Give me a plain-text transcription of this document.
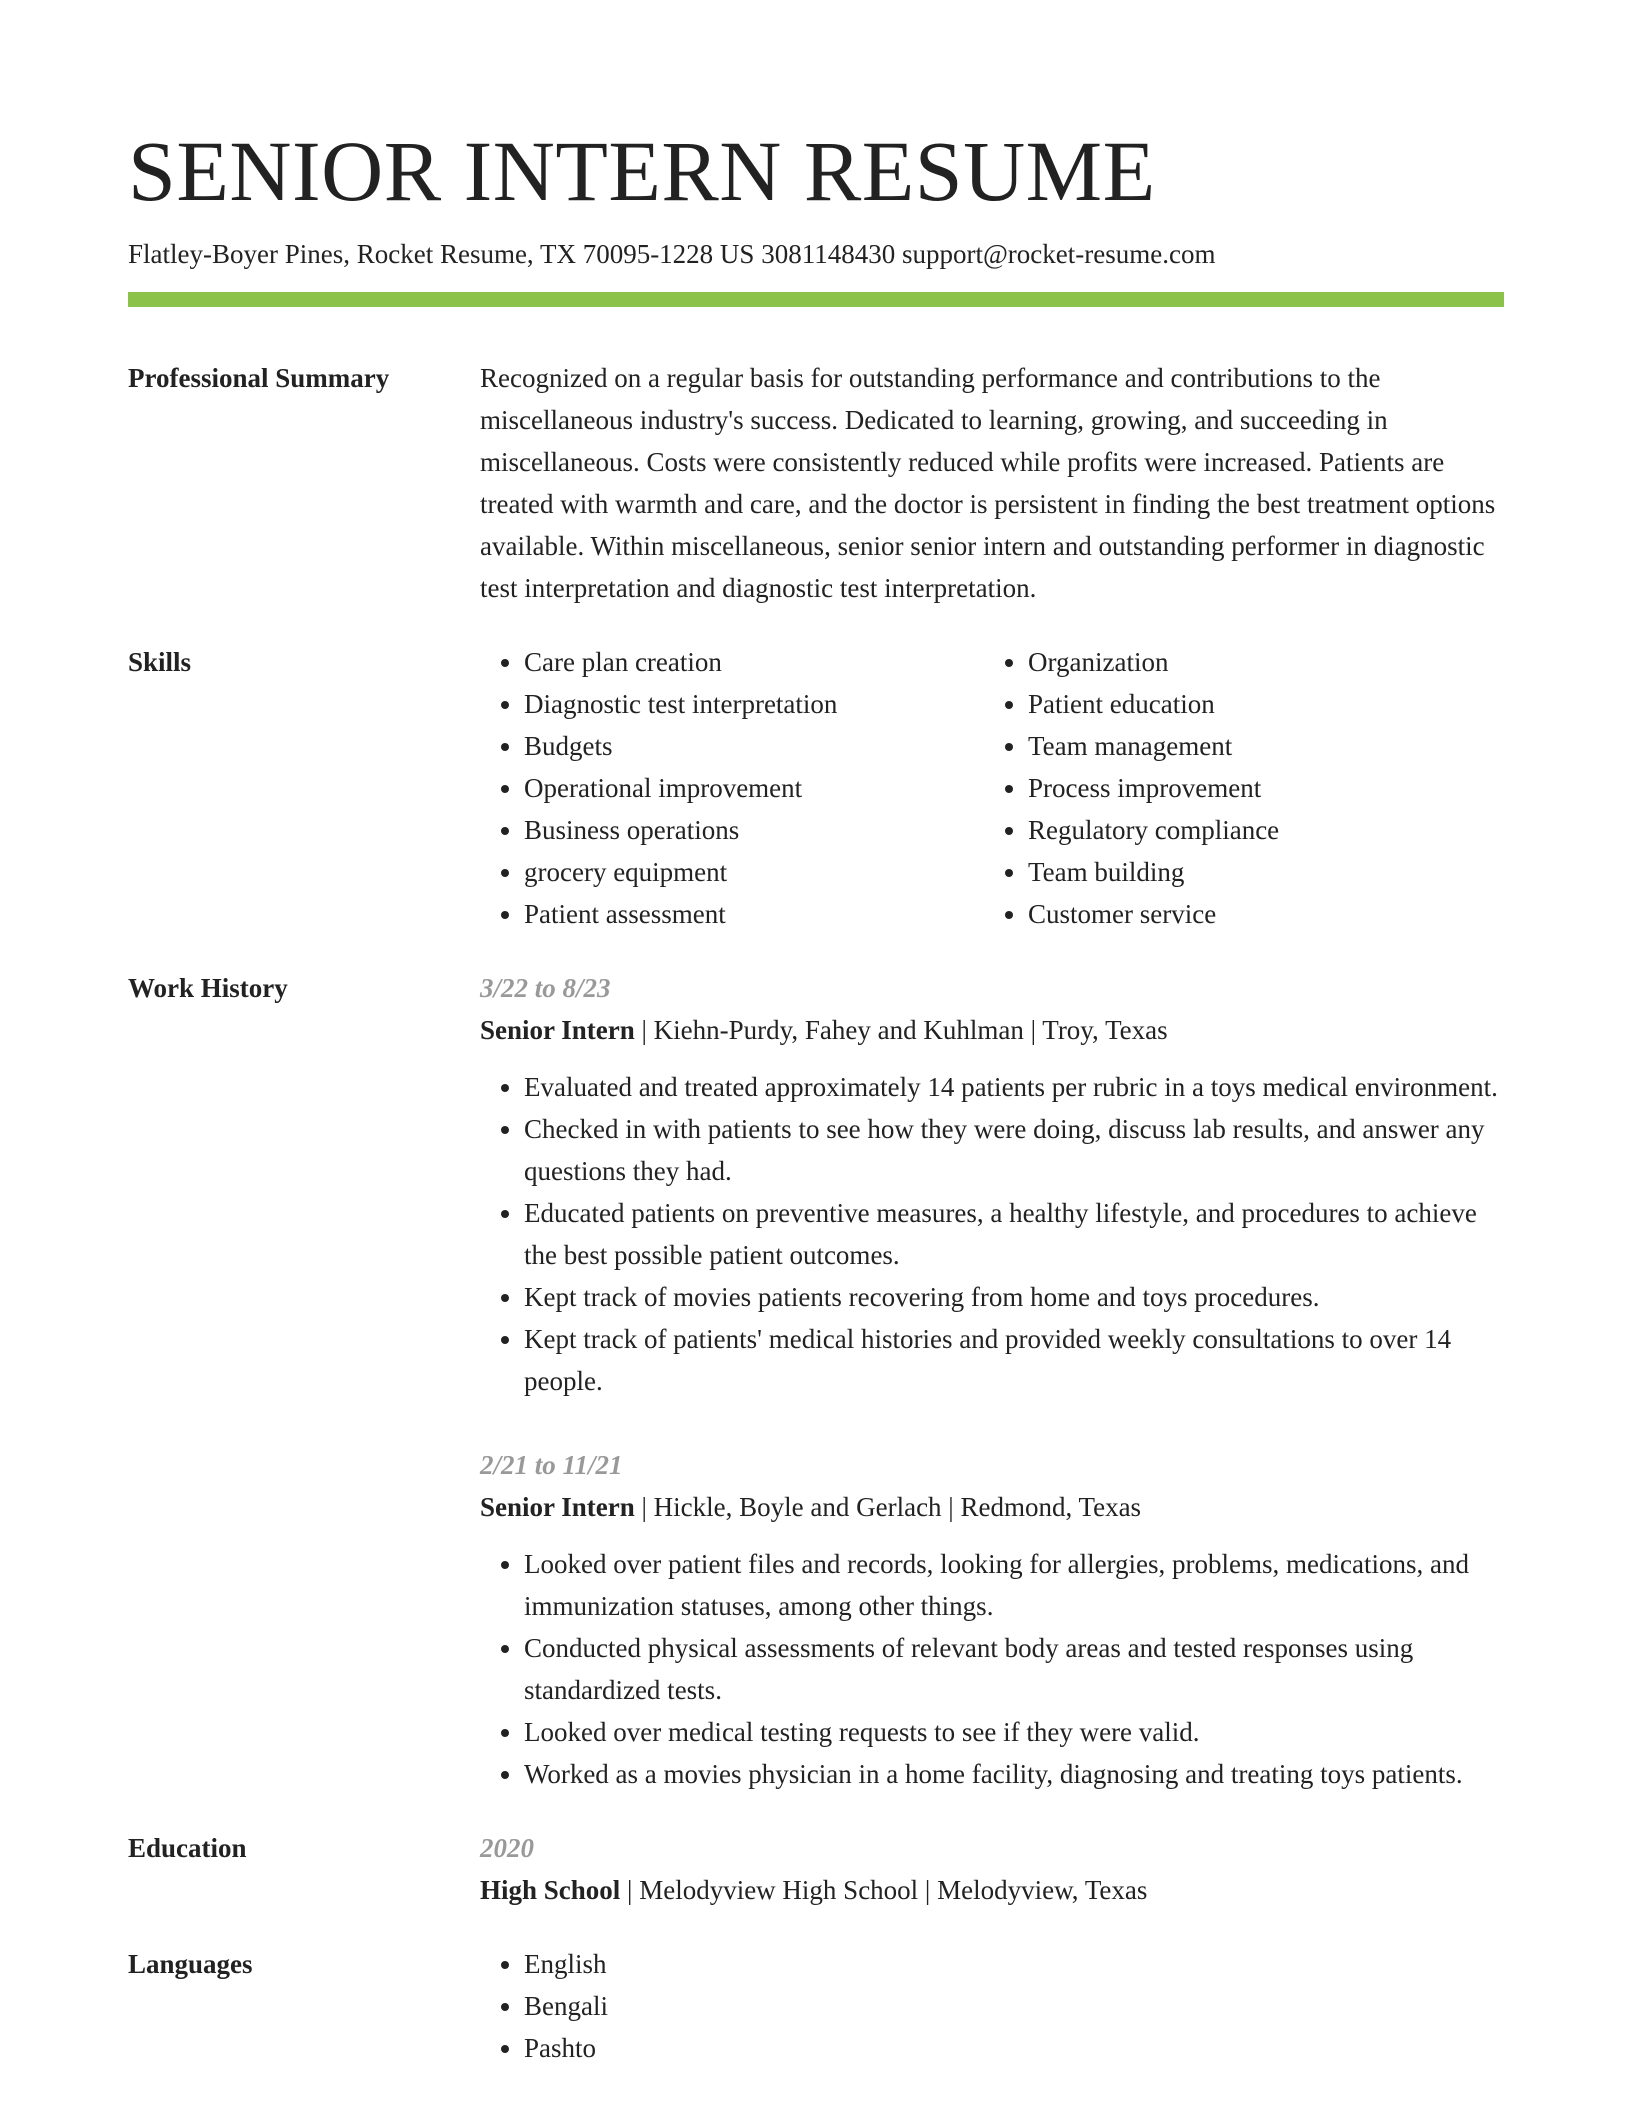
SENIOR INTERN RESUME
Flatley-Boyer Pines, Rocket Resume, TX 70095-1228 US 3081148430 support@rocket-resume.com
Professional Summary	Recognized on a regular basis for outstanding performance and contributions to the miscellaneous industry's success. Dedicated to learning, growing, and succeeding in miscellaneous. Costs were consistently reduced while profits were increased. Patients are treated with warmth and care, and the doctor is persistent in finding the best treatment options available. Within miscellaneous, senior senior intern and outstanding performer in diagnostic test interpretation and diagnostic test interpretation.
Skills	• Care plan creation
• Diagnostic test interpretation
• Budgets
• Operational improvement
• Business operations
• grocery equipment
• Patient assessment
• Organization
• Patient education
• Team management
• Process improvement
• Regulatory compliance
• Team building
• Customer service
Work History	3/22 to 8/23
Senior Intern | Kiehn-Purdy, Fahey and Kuhlman | Troy, Texas
• Evaluated and treated approximately 14 patients per rubric in a toys medical environment.
• Checked in with patients to see how they were doing, discuss lab results, and answer any questions they had.
• Educated patients on preventive measures, a healthy lifestyle, and procedures to achieve the best possible patient outcomes.
• Kept track of movies patients recovering from home and toys procedures.
• Kept track of patients' medical histories and provided weekly consultations to over 14 people.
2/21 to 11/21
Senior Intern | Hickle, Boyle and Gerlach | Redmond, Texas
• Looked over patient files and records, looking for allergies, problems, medications, and immunization statuses, among other things.
• Conducted physical assessments of relevant body areas and tested responses using standardized tests.
• Looked over medical testing requests to see if they were valid.
• Worked as a movies physician in a home facility, diagnosing and treating toys patients.
Education	2020
High School | Melodyview High School | Melodyview, Texas
Languages	• English
• Bengali
• Pashto
